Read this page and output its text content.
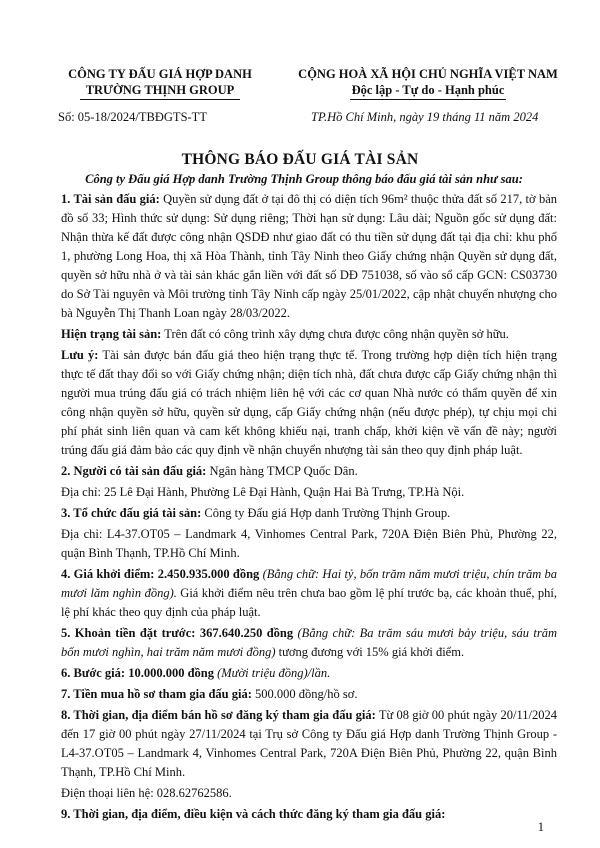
CÔNG TY ĐẤU GIÁ HỢP DANH
TRƯỜNG THỊNH GROUP
CỘNG HOÀ XÃ HỘI CHỦ NGHĨA VIỆT NAM
Độc lập - Tự do - Hạnh phúc
Số: 05-18/2024/TBĐGTS-TT	TP.Hồ Chí Minh, ngày 19 tháng 11 năm 2024
THÔNG BÁO ĐẤU GIÁ TÀI SẢN
Công ty Đấu giá Hợp danh Trường Thịnh Group thông báo đấu giá tài sản như sau:

1. Tài sản đấu giá: Quyền sử dụng đất ở tại đô thị có diện tích 96m² thuộc thửa đất số 217, tờ bản đồ số 33; Hình thức sử dụng: Sử dụng riêng; Thời hạn sử dụng: Lâu dài; Nguồn gốc sử dụng đất: Nhận thừa kế đất được công nhận QSDĐ như giao đất có thu tiền sử dụng đất tại địa chỉ: khu phố 1, phường Long Hoa, thị xã Hòa Thành, tỉnh Tây Ninh theo Giấy chứng nhận Quyền sử dụng đất, quyền sở hữu nhà ở và tài sản khác gắn liền với đất số DĐ 751038, số vào sổ cấp GCN: CS03730 do Sở Tài nguyên và Môi trường tỉnh Tây Ninh cấp ngày 25/01/2022, cập nhật chuyển nhượng cho bà Nguyễn Thị Thanh Loan ngày 28/03/2022.

Hiện trạng tài sản: Trên đất có công trình xây dựng chưa được công nhận quyền sở hữu.

Lưu ý: Tài sản được bán đấu giá theo hiện trạng thực tế. Trong trường hợp diện tích hiện trạng thực tế đất thay đổi so với Giấy chứng nhận; diện tích nhà, đất chưa được cấp Giấy chứng nhận thì người mua trúng đấu giá có trách nhiệm liên hệ với các cơ quan Nhà nước có thẩm quyền để xin công nhận quyền sở hữu, quyền sử dụng, cấp Giấy chứng nhận (nếu được phép), tự chịu mọi chi phí phát sinh liên quan và cam kết không khiếu nại, tranh chấp, khởi kiện về vấn đề này; người trúng đấu giá đảm bảo các quy định về nhận chuyển nhượng tài sản theo quy định pháp luật.

2. Người có tài sản đấu giá: Ngân hàng TMCP Quốc Dân.

Địa chỉ: 25 Lê Đại Hành, Phường Lê Đại Hành, Quận Hai Bà Trưng, TP.Hà Nội.

3. Tổ chức đấu giá tài sản: Công ty Đấu giá Hợp danh Trường Thịnh Group.

Địa chỉ: L4-37.OT05 – Landmark 4, Vinhomes Central Park, 720A Điện Biên Phủ, Phường 22, quận Bình Thạnh, TP.Hồ Chí Minh.

4. Giá khởi điểm: 2.450.935.000 đồng (Bằng chữ: Hai tỷ, bốn trăm năm mươi triệu, chín trăm ba mươi lăm nghìn đồng). Giá khởi điểm nêu trên chưa bao gồm lệ phí trước bạ, các khoản thuế, phí, lệ phí khác theo quy định của pháp luật.

5. Khoản tiền đặt trước: 367.640.250 đồng (Bằng chữ: Ba trăm sáu mươi bảy triệu, sáu trăm bốn mươi nghìn, hai trăm năm mươi đồng) tương đương với 15% giá khởi điểm.

6. Bước giá: 10.000.000 đồng (Mười triệu đồng)/lần.

7. Tiền mua hồ sơ tham gia đấu giá: 500.000 đồng/hồ sơ.

8. Thời gian, địa điểm bán hồ sơ đăng ký tham gia đấu giá: Từ 08 giờ 00 phút ngày 20/11/2024 đến 17 giờ 00 phút ngày 27/11/2024 tại Trụ sở Công ty Đấu giá Hợp danh Trường Thịnh Group - L4-37.OT05 – Landmark 4, Vinhomes Central Park, 720A Điện Biên Phủ, Phường 22, quận Bình Thạnh, TP.Hồ Chí Minh.

Điện thoại liên hệ: 028.62762586.

9. Thời gian, địa điểm, điều kiện và cách thức đăng ký tham gia đấu giá:

1
